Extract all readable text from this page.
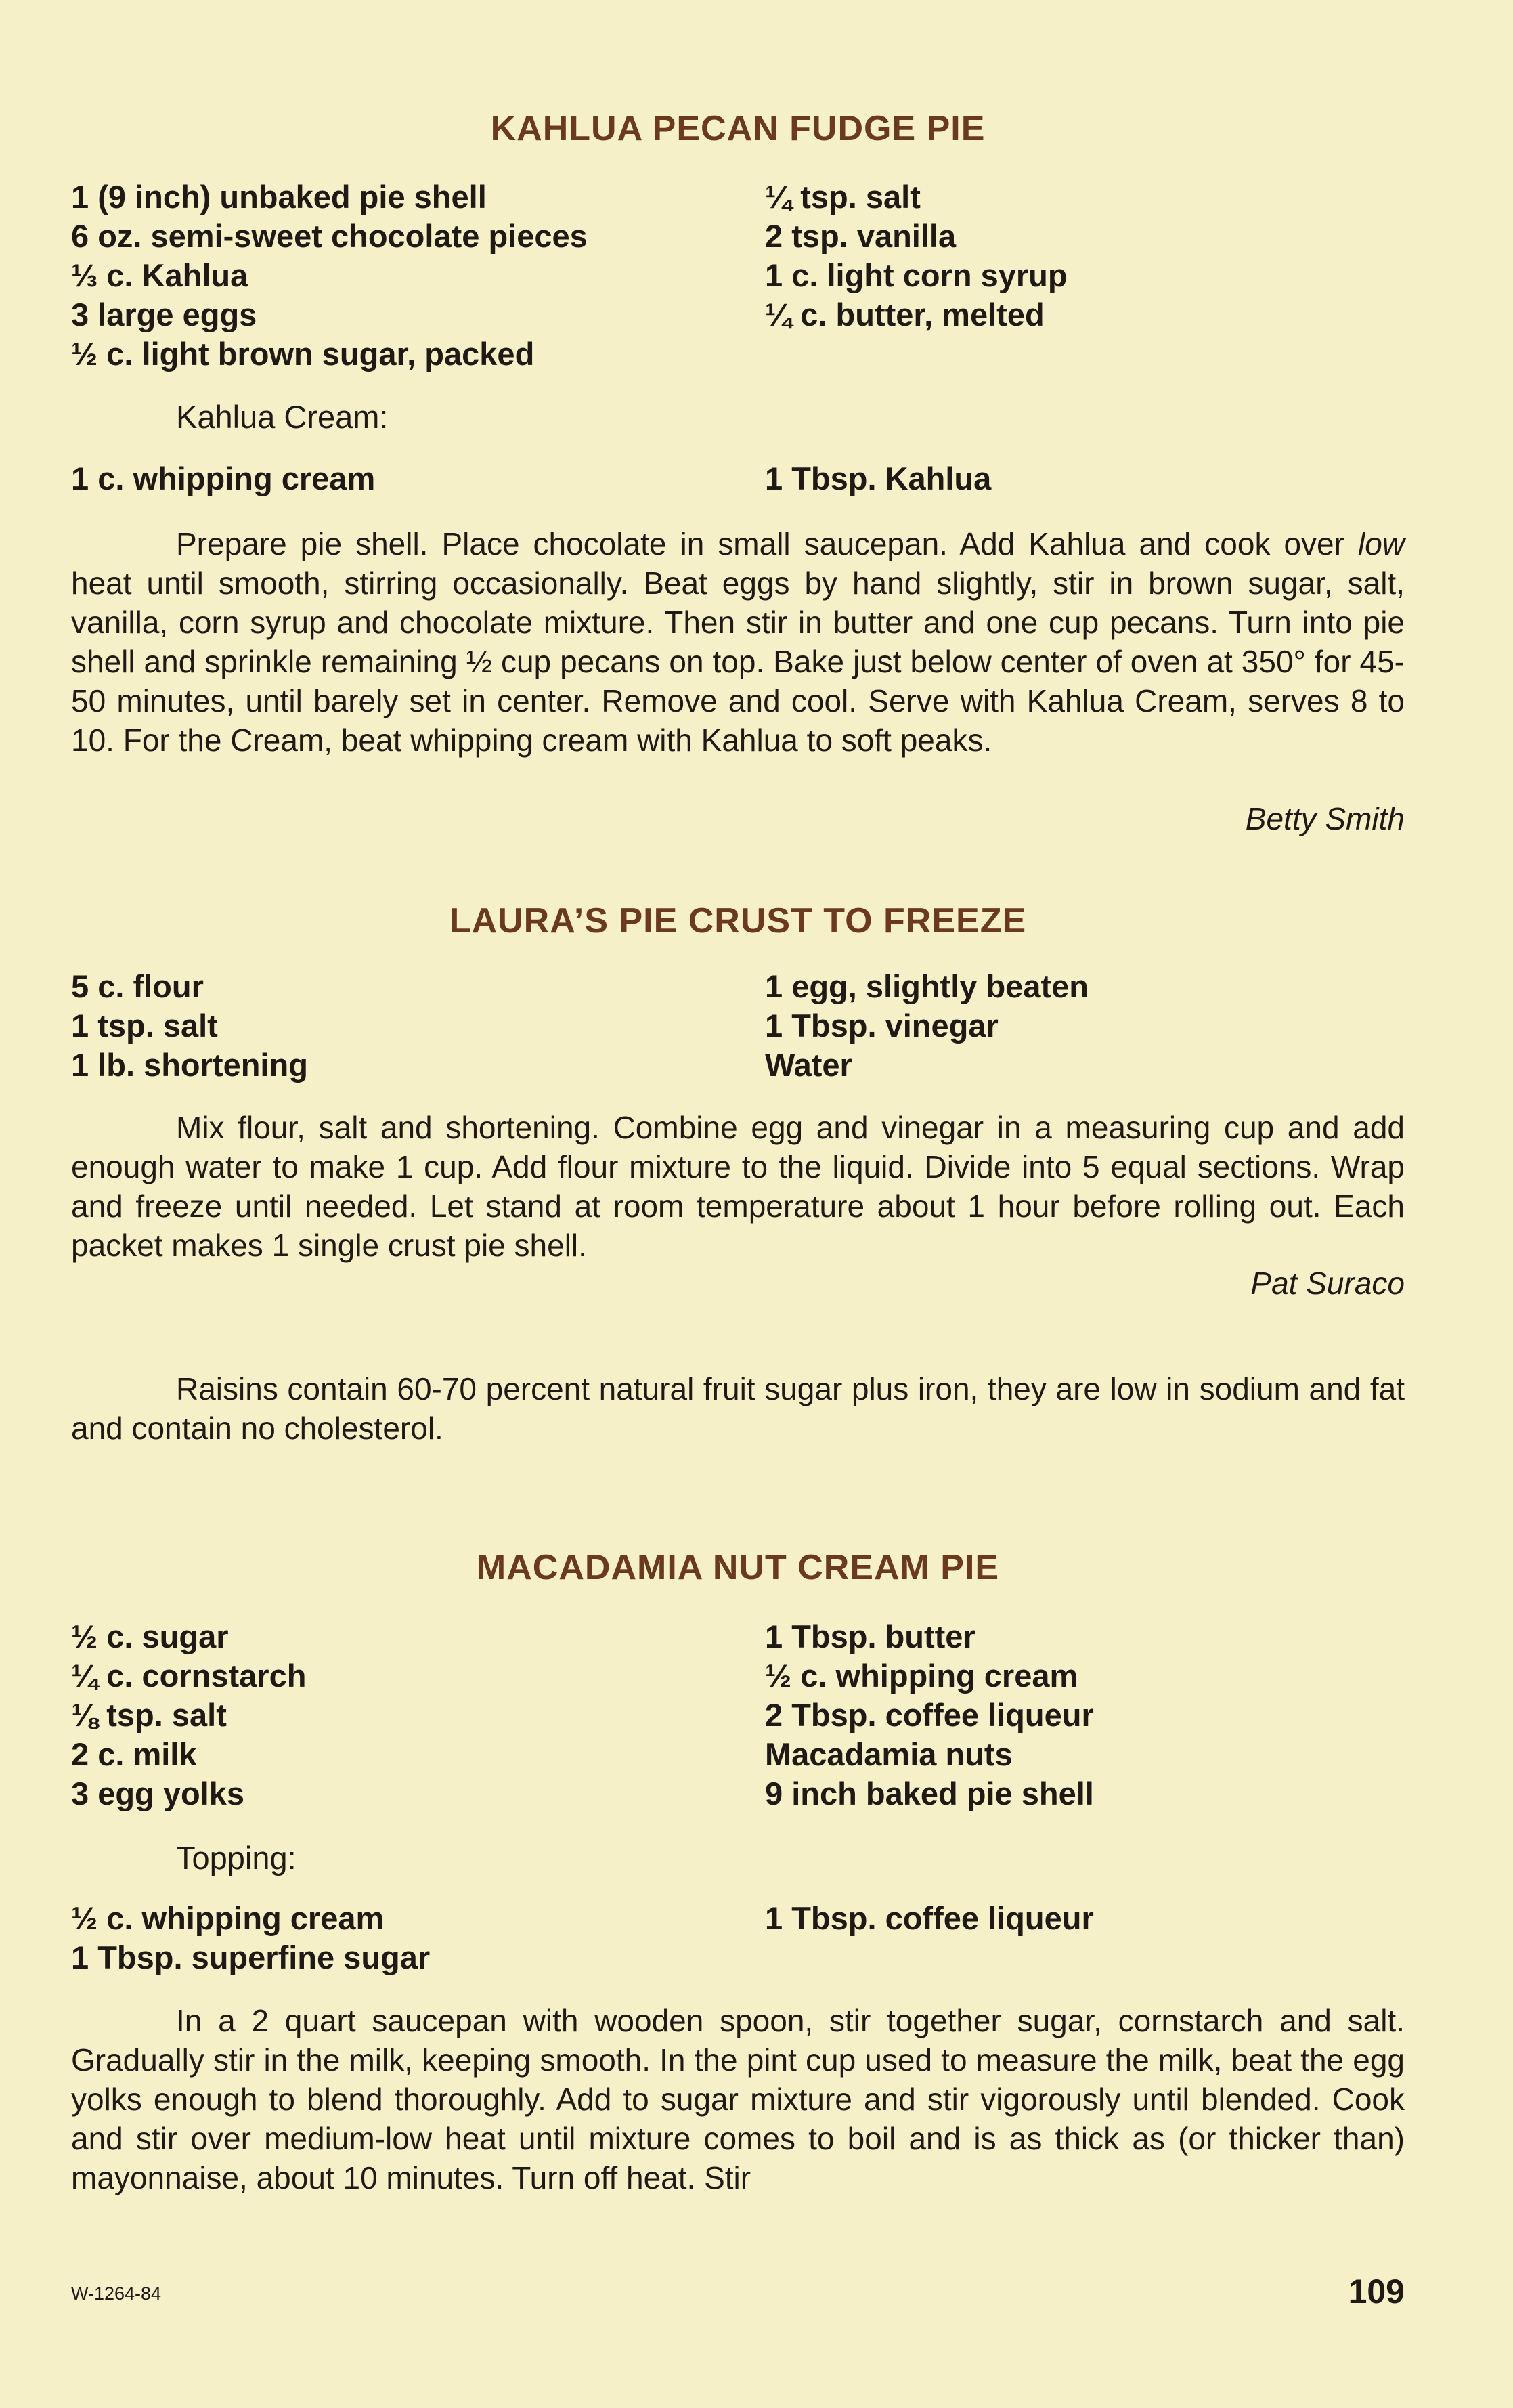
KAHLUA PECAN FUDGE PIE
1 (9 inch) unbaked pie shell
6 oz. semi-sweet chocolate pieces
⅓ c. Kahlua
3 large eggs
½ c. light brown sugar, packed
¼ tsp. salt
2 tsp. vanilla
1 c. light corn syrup
¼ c. butter, melted
Kahlua Cream:
1 c. whipping cream	1 Tbsp. Kahlua

Prepare pie shell. Place chocolate in small saucepan. Add Kahlua and cook over low heat until smooth, stirring occasionally. Beat eggs by hand slightly, stir in brown sugar, salt, vanilla, corn syrup and chocolate mixture. Then stir in butter and one cup pecans. Turn into pie shell and sprinkle remaining ½ cup pecans on top. Bake just below center of oven at 350° for 45-50 minutes, until barely set in center. Remove and cool. Serve with Kahlua Cream, serves 8 to 10. For the Cream, beat whipping cream with Kahlua to soft peaks.

Betty Smith
LAURA’S PIE CRUST TO FREEZE
5 c. flour
1 tsp. salt
1 lb. shortening
1 egg, slightly beaten
1 Tbsp. vinegar
Water

Mix flour, salt and shortening. Combine egg and vinegar in a measuring cup and add enough water to make 1 cup. Add flour mixture to the liquid. Divide into 5 equal sections. Wrap and freeze until needed. Let stand at room temperature about 1 hour before rolling out. Each packet makes 1 single crust pie shell.

Pat Suraco

Raisins contain 60-70 percent natural fruit sugar plus iron, they are low in sodium and fat and contain no cholesterol.

MACADAMIA NUT CREAM PIE
½ c. sugar
¼ c. cornstarch
⅛ tsp. salt
2 c. milk
3 egg yolks
1 Tbsp. butter
½ c. whipping cream
2 Tbsp. coffee liqueur
Macadamia nuts
9 inch baked pie shell
Topping:
½ c. whipping cream
1 Tbsp. superfine sugar
1 Tbsp. coffee liqueur

In a 2 quart saucepan with wooden spoon, stir together sugar, cornstarch and salt. Gradually stir in the milk, keeping smooth. In the pint cup used to measure the milk, beat the egg yolks enough to blend thoroughly. Add to sugar mixture and stir vigorously until blended. Cook and stir over medium-low heat until mixture comes to boil and is as thick as (or thicker than) mayonnaise, about 10 minutes. Turn off heat. Stir

W-1264-84	109
